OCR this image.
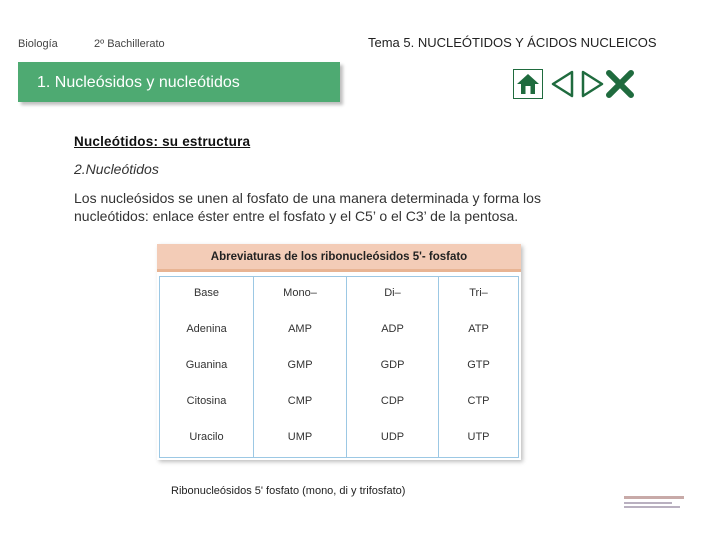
Biología	2º Bachillerato	Tema 5. NUCLEÓTIDOS Y ÁCIDOS NUCLEICOS
1. Nucleósidos y nucleótidos
Nucleótidos: su estructura
2.Nucleótidos
Los nucleósidos se unen al fosfato de una manera determinada y forma los nucleótidos: enlace éster entre el fosfato y el C5’ o el C3’ de la pentosa.
Abreviaturas de los ribonucleósidos 5'- fosfato
Base
Adenina
Guanina
Citosina
Uracilo
Mono–
AMP
GMP
CMP
UMP
Di–
ADP
GDP
CDP
UDP
Tri–
ATP
GTP
CTP
UTP
Ribonucleósidos 5' fosfato (mono, di y trifosfato)
